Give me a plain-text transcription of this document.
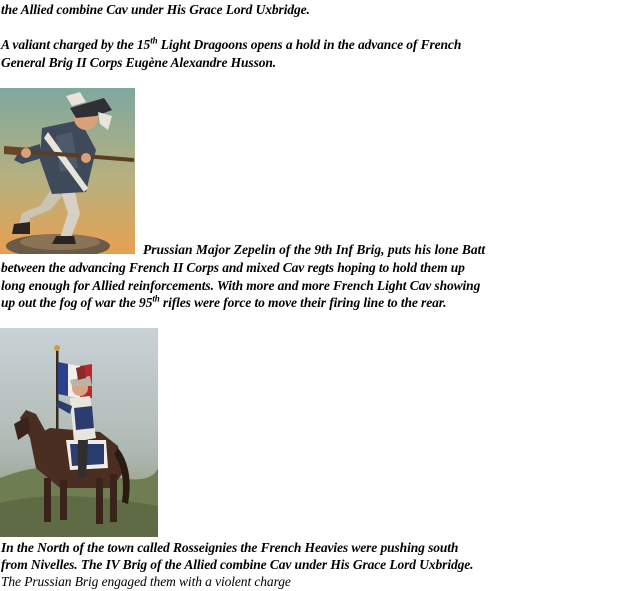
the Allied combine Cav under His Grace Lord Uxbridge.
A valiant charged by the 15th Light Dragoons opens a hold in the advance of French
General Brig II Corps Eugène Alexandre Husson.
Prussian Major Zepelin of the 9th Inf Brig, puts his lone Batt
between the advancing French II Corps and mixed Cav regts hoping to hold them up
long enough for Allied reinforcements. With more and more French Light Cav showing
up out the fog of war the 95th rifles were force to move their firing line to the rear.
In the North of the town called Rosseignies the French Heavies were pushing south
from Nivelles. The IV Brig of the Allied combine Cav under His Grace Lord Uxbridge.
The Prussian Brig engaged them with a violent charge
